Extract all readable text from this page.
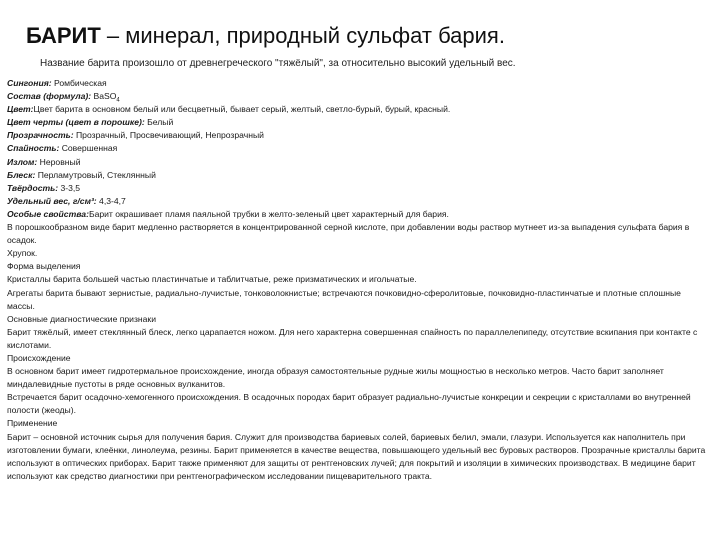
БАРИТ – минерал, природный сульфат бария.
Название барита произошло от древнегреческого "тяжёлый", за относительно высокий удельный вес.

Сингония: Ромбическая

Состав (формула): BaSO$_4$

Цвет:Цвет барита в основном белый или бесцветный, бывает серый, желтый, светло-бурый, бурый, красный.

Цвет черты (цвет в порошке): Белый

Прозрачность: Прозрачный, Просвечивающий, Непрозрачный

Спайность: Совершенная

Излом: Неровный

Блеск: Перламутровый, Стеклянный

Твёрдость: 3-3,5

Удельный вес, г/см³: 4,3-4,7

Особые свойства:Барит окрашивает пламя паяльной трубки в желто-зеленый цвет характерный для бария.

В порошкообразном виде барит медленно растворяется в концентрированной серной кислоте, при добавлении воды раствор мутнеет из-за выпадения сульфата бария в осадок.

Хрупок.

Форма выделения

Кристаллы барита большей частью пластинчатые и таблитчатые, реже призматических и игольчатые.

Агрегаты барита бывают зернистые, радиально-лучистые, тонковолокнистые; встречаются почковидно-сферолитовые, почковидно-пластинчатые и плотные сплошные массы.

Основные диагностические признаки

Барит тяжёлый, имеет стеклянный блеск, легко царапается ножом. Для него характерна совершенная спайность по параллелепипеду, отсутствие вскипания при контакте с кислотами.

Происхождение

В основном барит имеет гидротермальное происхождение, иногда образуя самостоятельные рудные жилы мощностью в несколько метров. Часто барит заполняет миндалевидные пустоты в рядe основных вулканитов.

Встречается барит осадочно-хемогенного происхождения. В осадочных породах барит образует радиально-лучистые конкреции и секреции с кристаллами во внутренней полости (жеоды).

Применение

Барит – основной источник сырья для получения бария. Служит для производства бариевых солей, бариевых белил, эмали, глазури. Используется как наполнитель при изготовлении бумаги, клеёнки, линолеума, резины. Барит применяется в качестве вещества, повышающего удельный вес буровых растворов. Прозрачные кристаллы барита используют в оптических приборах. Барит также применяют для защиты от рентгеновских лучей; для покрытий и изоляции в химических производствах. В медицине барит используют как средство диагностики при рентгенографическом исследовании пищеварительного тракта.
